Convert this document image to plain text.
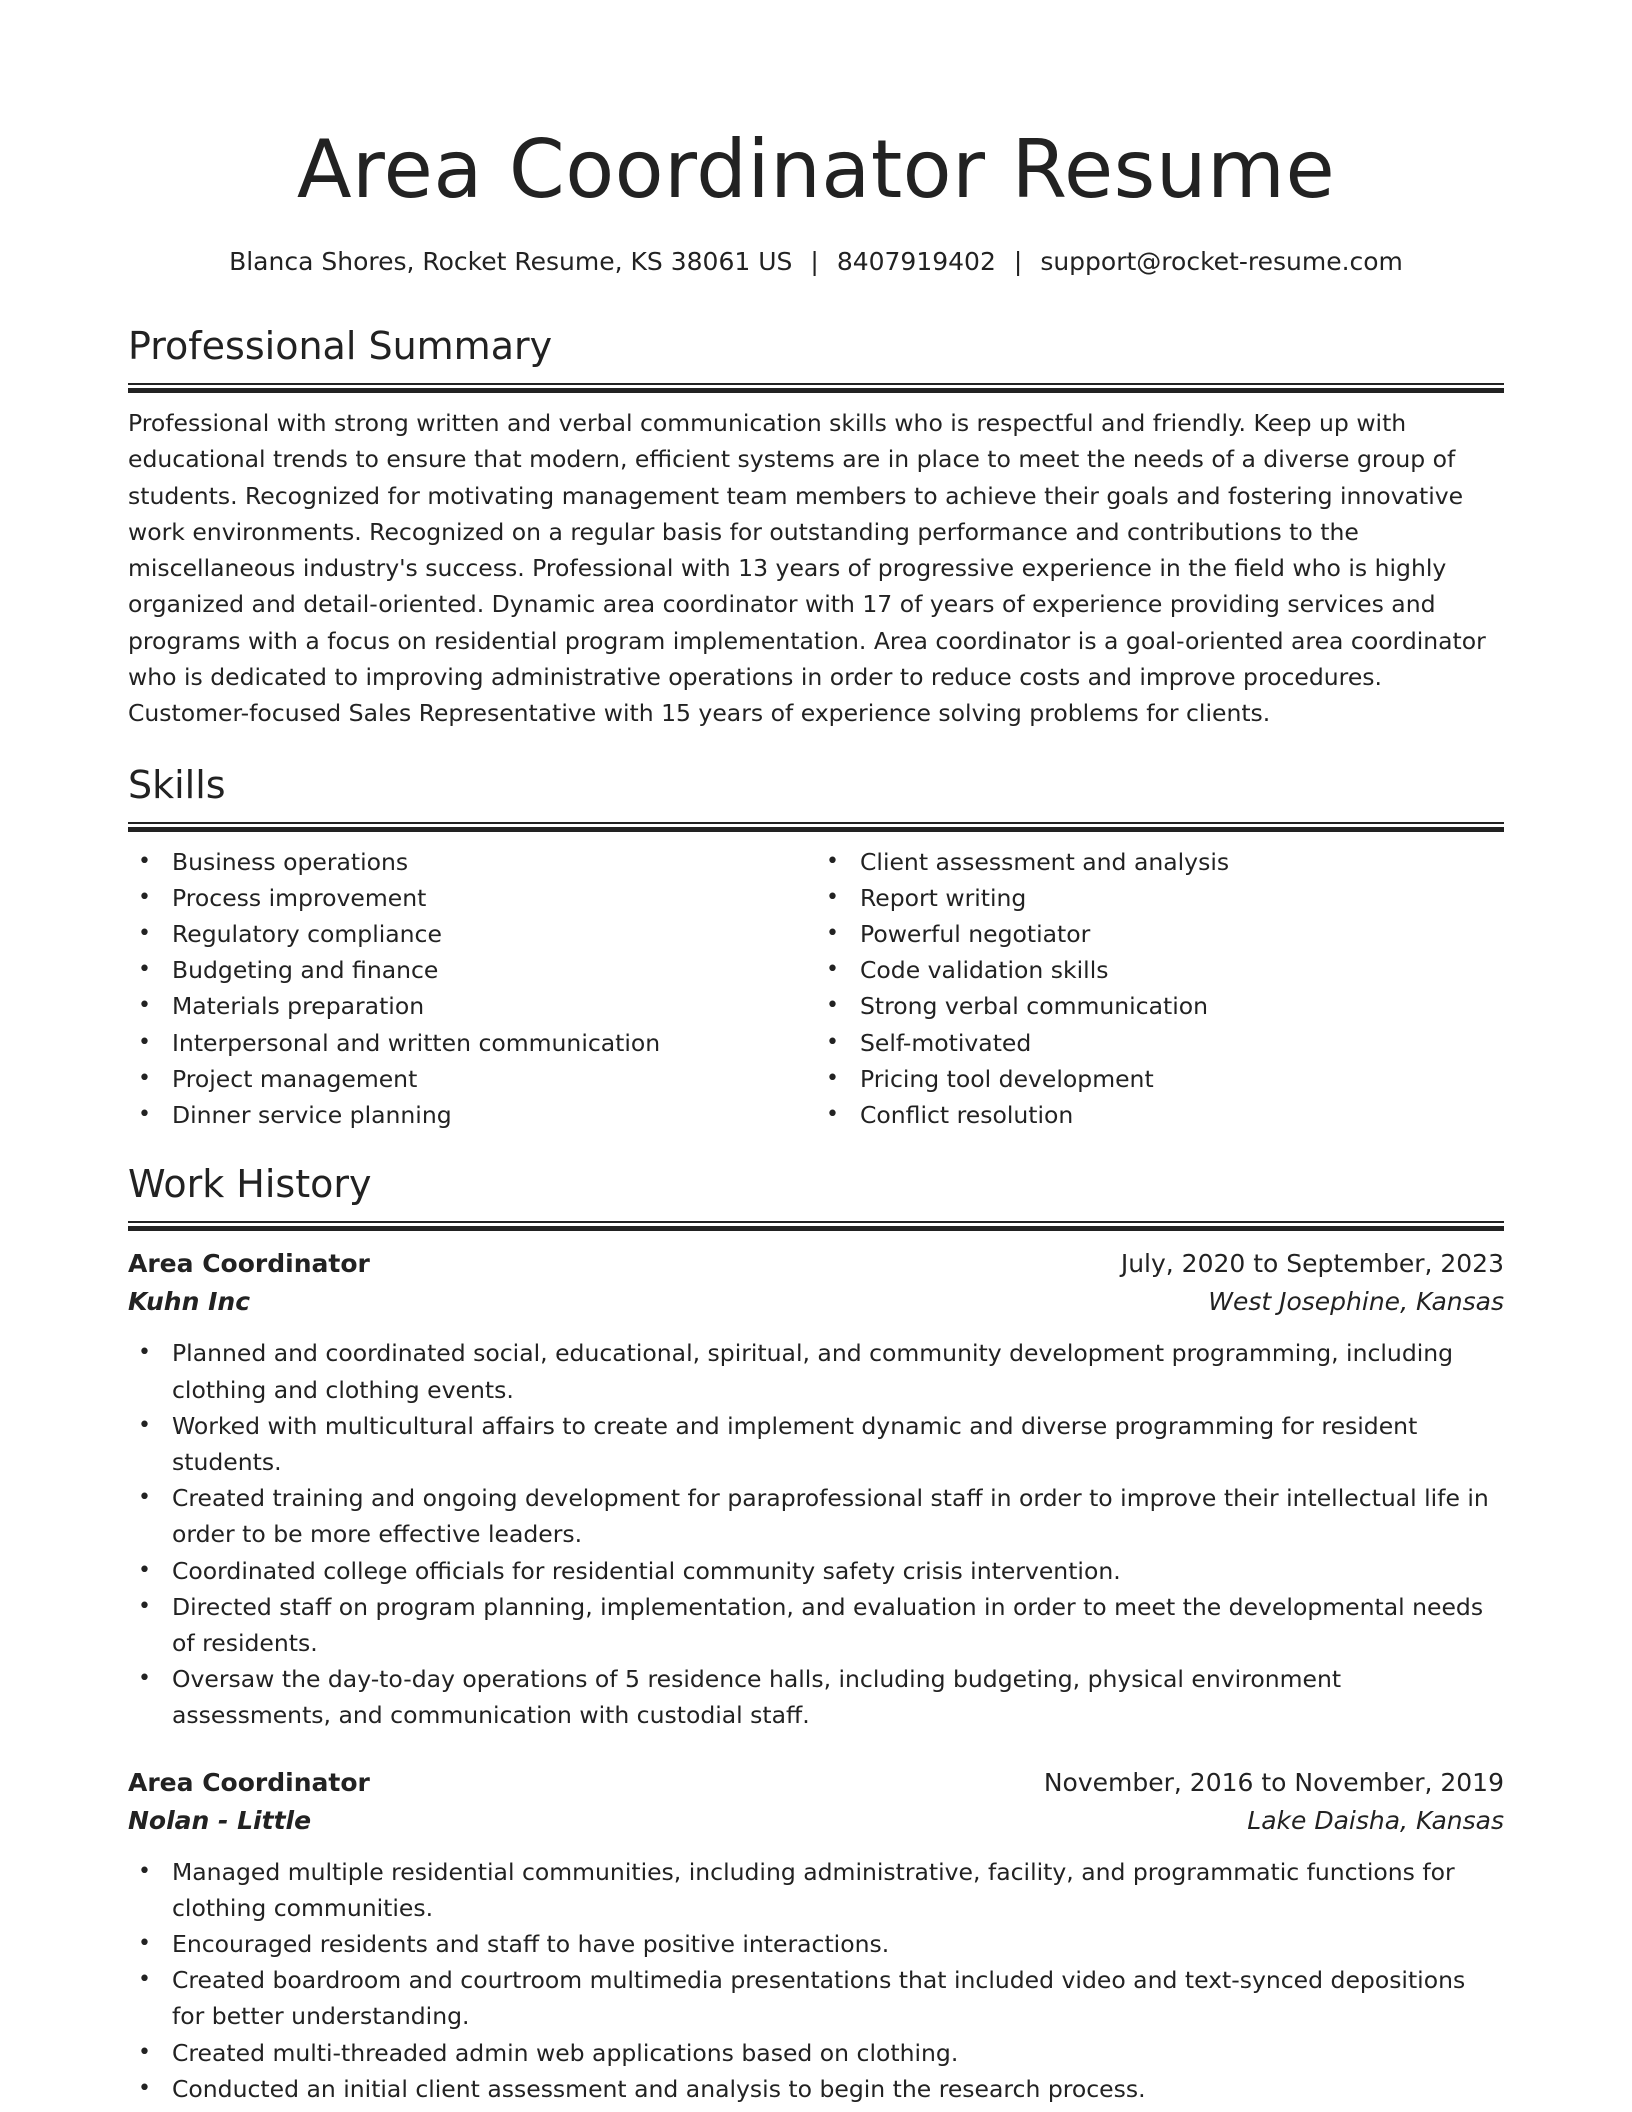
Area Coordinator Resume
Blanca Shores, Rocket Resume, KS 38061 US | 8407919402 | support@rocket-resume.com
Professional Summary

Professional with strong written and verbal communication skills who is respectful and friendly. Keep up with educational trends to ensure that modern, efficient systems are in place to meet the needs of a diverse group of students. Recognized for motivating management team members to achieve their goals and fostering innovative work environments. Recognized on a regular basis for outstanding performance and contributions to the miscellaneous industry's success. Professional with 13 years of progressive experience in the field who is highly organized and detail-oriented. Dynamic area coordinator with 17 of years of experience providing services and programs with a focus on residential program implementation. Area coordinator is a goal-oriented area coordinator who is dedicated to improving administrative operations in order to reduce costs and improve procedures. Customer-focused Sales Representative with 15 years of experience solving problems for clients.

Skills
• Business operations
• Process improvement
• Regulatory compliance
• Budgeting and finance
• Materials preparation
• Interpersonal and written communication
• Project management
• Dinner service planning
• Client assessment and analysis
• Report writing
• Powerful negotiator
• Code validation skills
• Strong verbal communication
• Self-motivated
• Pricing tool development
• Conflict resolution
Work History
Area Coordinator	July, 2020 to September, 2023
Kuhn Inc	West Josephine, Kansas
• Planned and coordinated social, educational, spiritual, and community development programming, including clothing and clothing events.
• Worked with multicultural affairs to create and implement dynamic and diverse programming for resident students.
• Created training and ongoing development for paraprofessional staff in order to improve their intellectual life in order to be more effective leaders.
• Coordinated college officials for residential community safety crisis intervention.
• Directed staff on program planning, implementation, and evaluation in order to meet the developmental needs of residents.
• Oversaw the day-to-day operations of 5 residence halls, including budgeting, physical environment assessments, and communication with custodial staff.
Area Coordinator	November, 2016 to November, 2019
Nolan - Little	Lake Daisha, Kansas
• Managed multiple residential communities, including administrative, facility, and programmatic functions for clothing communities.
• Encouraged residents and staff to have positive interactions.
• Created boardroom and courtroom multimedia presentations that included video and text-synced depositions for better understanding.
• Created multi-threaded admin web applications based on clothing.
• Conducted an initial client assessment and analysis to begin the research process.
